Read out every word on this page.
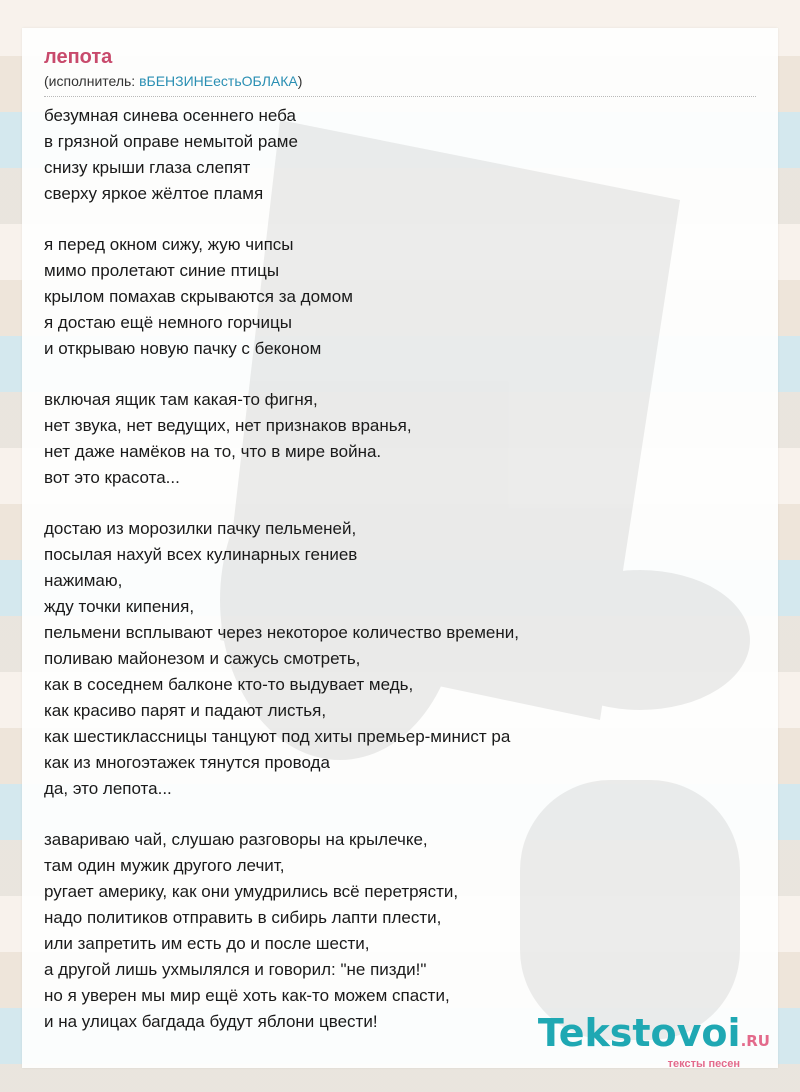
лепота
(исполнитель: вБЕНЗИНЕестьОБЛАКА)
безумная синева осеннего неба
в грязной оправе немытой раме
снизу крыши глаза слепят
сверху яркое жёлтое пламя
я перед окном сижу, жую чипсы
мимо пролетают синие птицы
крылом помахав скрываются за домом
я достаю ещё немного горчицы
и открываю новую пачку с беконом
включая ящик там какая-то фигня,
нет звука, нет ведущих, нет признаков вранья,
нет даже намёков на то, что в мире война.
вот это красота...
достаю из морозилки пачку пельменей,
посылая нахуй всех кулинарных гениев
нажимаю,
жду точки кипения,
пельмени всплывают через некоторое количество времени,
поливаю майонезом и сажусь смотреть,
как в соседнем балконе кто-то выдувает медь,
как красиво парят и падают листья,
как шестиклассницы танцуют под хиты премьер-минист ра
как из многоэтажек тянутся провода
да, это лепота...
завариваю чай, слушаю разговоры на крылечке,
там один мужик другого лечит,
ругает америку, как они умудрились всё перетрясти,
надо политиков отправить в сибирь лапти плести,
или запретить им есть до и после шести,
а другой лишь ухмылялся и говорил: "не пизди!"
но я уверен мы мир ещё хоть как-то можем спасти,
и на улицах багдада будут яблони цвести!	Tekstovoi.RU
тексты песен
